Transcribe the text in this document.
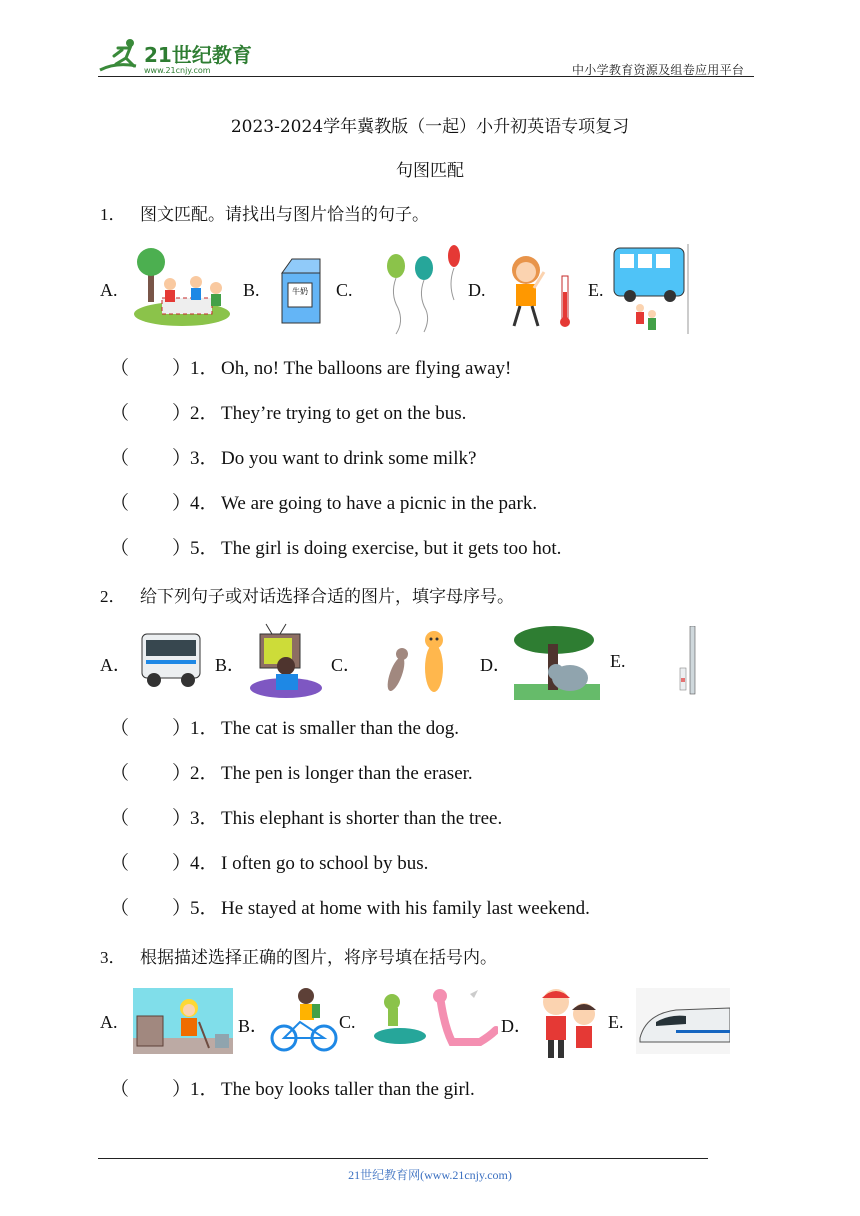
21世纪教育
www.21cnjy.com	中小学教育资源及组卷应用平台
2023-2024学年冀教版（一起）小升初英语专项复习
句图匹配
1． 图文匹配。请找出与图片恰当的句子。
A.	B.	牛奶 C.	D.	E.
（ ）
1． Oh, no! The balloons are flying away!
（ ）
2． They’re trying to get on the bus.
（ ）
3． Do you want to drink some milk?
（ ）
4． We are going to have a picnic in the park.
（ ）
5． The girl is doing exercise, but it gets too hot.
2． 给下列句子或对话选择合适的图片，填字母序号。
A．	B．	C．	D．	E.
（ ）
1． The cat is smaller than the dog.
（ ）
2． The pen is longer than the eraser.
（ ）
3． This elephant is shorter than the tree.
（ ）
4． I often go to school by bus.
（ ）
5． He stayed at home with his family last weekend.
3． 根据描述选择正确的图片，将序号填在括号内。
A.	B．	C.	D．	E.
（ ）
1． The boy looks taller than the girl.
21世纪教育网(www.21cnjy.com)
